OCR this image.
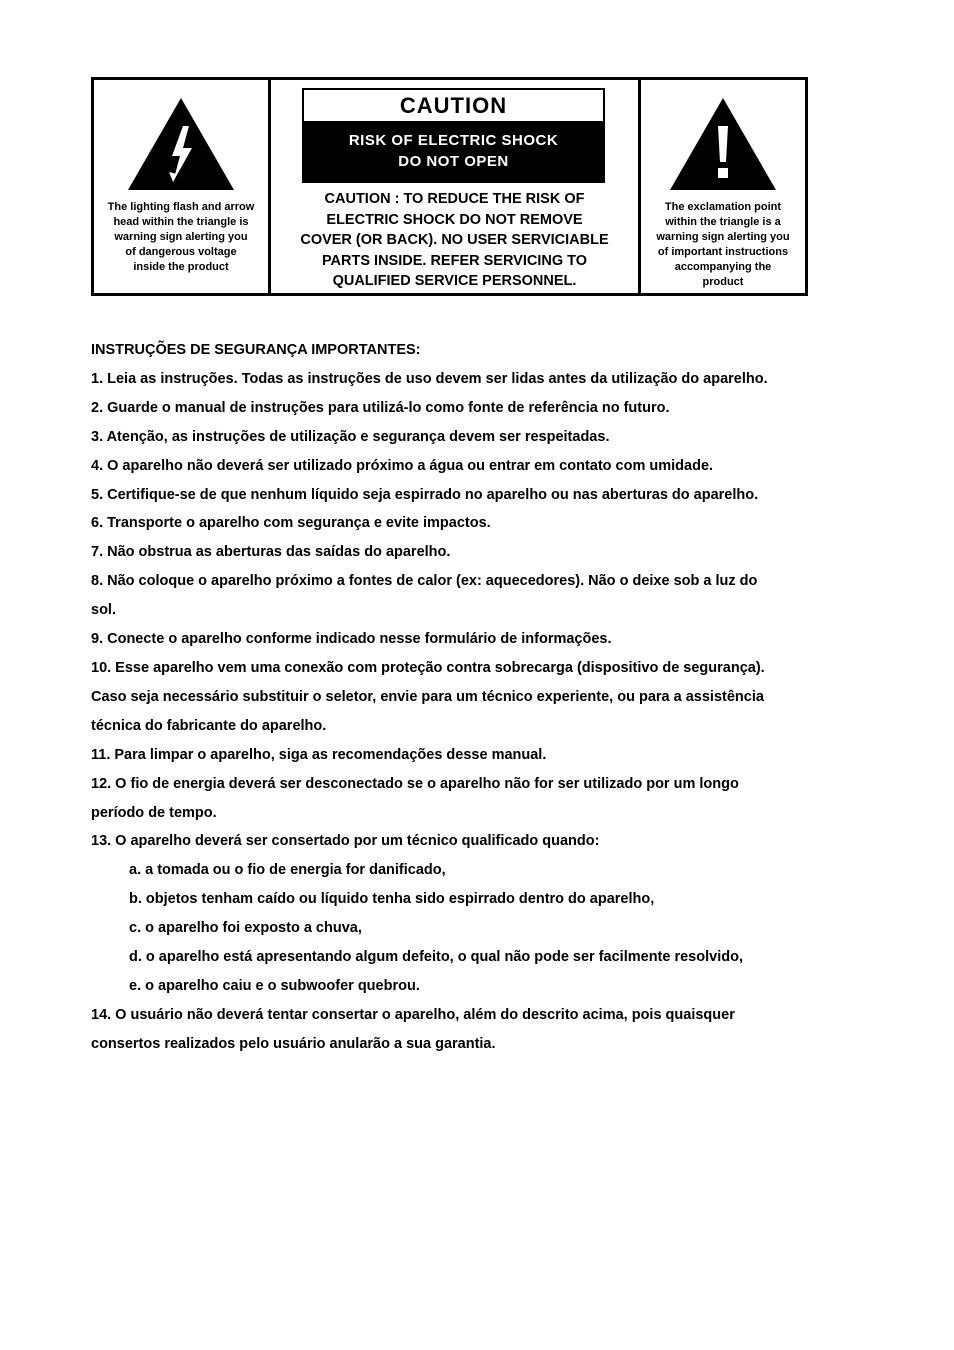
The lighting flash and arrow
head within the triangle is
warning sign alerting you
of dangerous voltage
inside the product
CAUTION
RISK OF ELECTRIC SHOCK
DO NOT OPEN
CAUTION : TO REDUCE THE RISK OF
ELECTRIC SHOCK DO NOT REMOVE
COVER (OR BACK). NO USER SERVICIABLE
PARTS INSIDE. REFER SERVICING TO
QUALIFIED SERVICE PERSONNEL.
The exclamation point
within the triangle is a
warning sign alerting you
of important instructions
accompanying the
product

INSTRUÇÕES DE SEGURANÇA IMPORTANTES:

1. Leia as instruções. Todas as instruções de uso devem ser lidas antes da utilização do aparelho.

2. Guarde o manual de instruções para utilizá-lo como fonte de referência no futuro.

3. Atenção, as instruções de utilização e segurança devem ser respeitadas.

4. O aparelho não deverá ser utilizado próximo a água ou entrar em contato com umidade.

5. Certifique-se de que nenhum líquido seja espirrado no aparelho ou nas aberturas do aparelho.

6. Transporte o aparelho com segurança e evite impactos.

7. Não obstrua as aberturas das saídas do aparelho.

8. Não coloque o aparelho próximo a fontes de calor (ex: aquecedores). Não o deixe sob a luz do

sol.

9. Conecte o aparelho conforme indicado nesse formulário de informações.

10. Esse aparelho vem uma conexão com proteção contra sobrecarga (dispositivo de segurança).

Caso seja necessário substituir o seletor, envie para um técnico experiente, ou para a assistência

técnica do fabricante do aparelho.

11. Para limpar o aparelho, siga as recomendações desse manual.

12. O fio de energia deverá ser desconectado se o aparelho não for ser utilizado por um longo

período de tempo.

13. O aparelho deverá ser consertado por um técnico qualificado quando:

a. a tomada ou o fio de energia for danificado,

b. objetos tenham caído ou líquido tenha sido espirrado dentro do aparelho,

c. o aparelho foi exposto a chuva,

d. o aparelho está apresentando algum defeito, o qual não pode ser facilmente resolvido,

e. o aparelho caiu e o subwoofer quebrou.

14. O usuário não deverá tentar consertar o aparelho, além do descrito acima, pois quaisquer

consertos realizados pelo usuário anularão a sua garantia.
